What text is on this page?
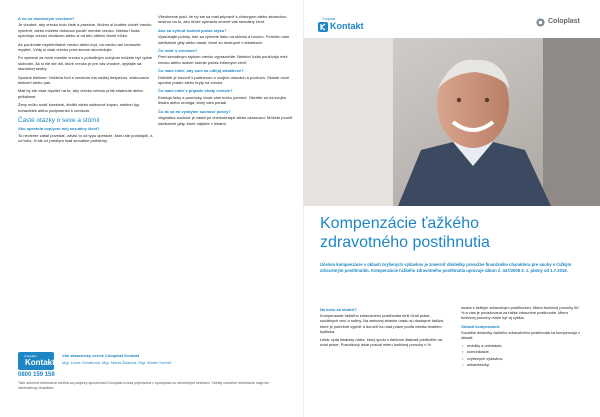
A čo so stomickým vreckom?
Je vhodné, aby vrecko bolo čisté a prázdne. Možno si budete chcieť vrecko vymeniť, alebo môžete dokonca použiť menšie vrecko. Niektorí ľudia upevňujú vrecko obväzom alebo si na telo oblečú tesné tričko.
Ak používate nepriehľadné vrecko alebo kryt, na vrecko ani nemusíte myslieť. Vždy si však vrecko pred sexom skontrolujte.
Po výmene za nové menšie vrecko s pohodlným úchytom môžete byť úplne slobodní. Ak si nie ste istí, ktoré vrecko je pre vás vhodné, opýtajte sa stomickej sestry.
Spodné bielizne: Väčšina ľudí s vreckom má radšej bezpečnú, sťahovaciu bielizeň alebo pás.
Mali by ste však myslieť na to, aby vrecko nebolo príliš stiahnuté alebo pritlačené.
Ženy môžu nosiť kombiné, živôtik alebo saténové župan, niektorí typ nohavičiek alebo podprsenku s vreckom.
Časté otázky o sexe a stómii
Ako operácia ovplyvní môj sexuálny život?
To nevieme zatiaľ povedať, závisí to od typu operácie, ktorú ste podstúpili, a od toho, či ste už predtým mali sexuálne problémy.
Všeobecne platí, že by ste sa mali pripraviť s chirurgom alebo stomickou sestrou na to, ako môže operácia zmeniť váš sexuálny život.
Ako sa vyhnúť bolesti počas styku?
Vyskúšajte polohy, kde sa vyhnete tlaku na stómiu a brucho. Pomôžu vám lubrikačné gély alebo masti, ktoré sú dostupné v lekárňach.
Čo robiť s vreckom?
Pred sexuálnym stykom vrecko vyprázdnite. Niektorí ľudia používajú mini vrecko alebo uzáver stómie počas intímnych chvíľ.
Čo mám robiť, aby som sa cítil(a) atraktívne?
Dôležité je hovoriť s partnerom o svojich obavách a pocitoch. Skúste nové spodné prádlo alebo kryty na vrecko.
Čo mám robiť v prípade straty erekcie?
Existujú lieky a pomôcky, ktoré vám môžu pomôcť. Obráťte sa na svojho lekára alebo urológa, ktorý vám poradí.
Čo ak sa mi vyskytne suchosť pošvy?
Vaginálna suchosť je častá po chemoterapii alebo ožarovaní. Môžete použiť lubrikačné gély, ktoré nájdete v lekárni.
Coloplast
Kontakt
0800 159 159
Váš zákaznícky servis Coloplast Kontakt
Mgr. Lucia Ochabová, Mgr. Mária Žiaková, Mgr. Martin Korbeľ
Táto súhrnná informácia vznikla za podpory spoločnosti Coloplast a bola pripravená v spolupráci so stomickými sestrami. Všetky uvedené informácie majú len informatívny charakter.
Coloplast
Kontakt	Coloplast
Kompenzácie ťažkého
zdravotného postihnutia
Účelom kompenzácie v oblasti zvýšených výdavkov je zmierniť dôsledky prevažne finančného charakteru pre osoby s ťažkým zdravotným postihnutím. Kompenzácie ťažkého zdravotného postihnutia upravuje zákon č. 447/2008 Z. z. platný od 1.7.2018.
Na koho sa obrátiť?
Kompenzácie ťažkého zdravotného postihnutia rieši Úrad práce, sociálnych vecí a rodiny. Na webovej stránke úradu sú dostupné tlačivá, ktoré je potrebné vyplniť a doručiť na úrad práce podľa miesta trvalého bydliska.
Lekár vydá lekársky nález, ktorý spolu s tlačivom žiadosti predložíte na úrad práce. Posudkový lekár posúdi mieru funkčnej poruchy v %.
osoba s ťažkým zdravotným postihnutím. Miera funkčnej poruchy 50 % a viac je považovaná za ťažké zdravotné postihnutie. Miera funkčnej poruchy môže byť aj vyššia.
Oblasti kompenzácie
Sociálne dôsledky ťažkého zdravotného postihnutia sa kompenzujú v oblasti:
• mobility a orientácie,
• komunikácie,
• zvýšených výdavkov,
• sebaobsluhy.
